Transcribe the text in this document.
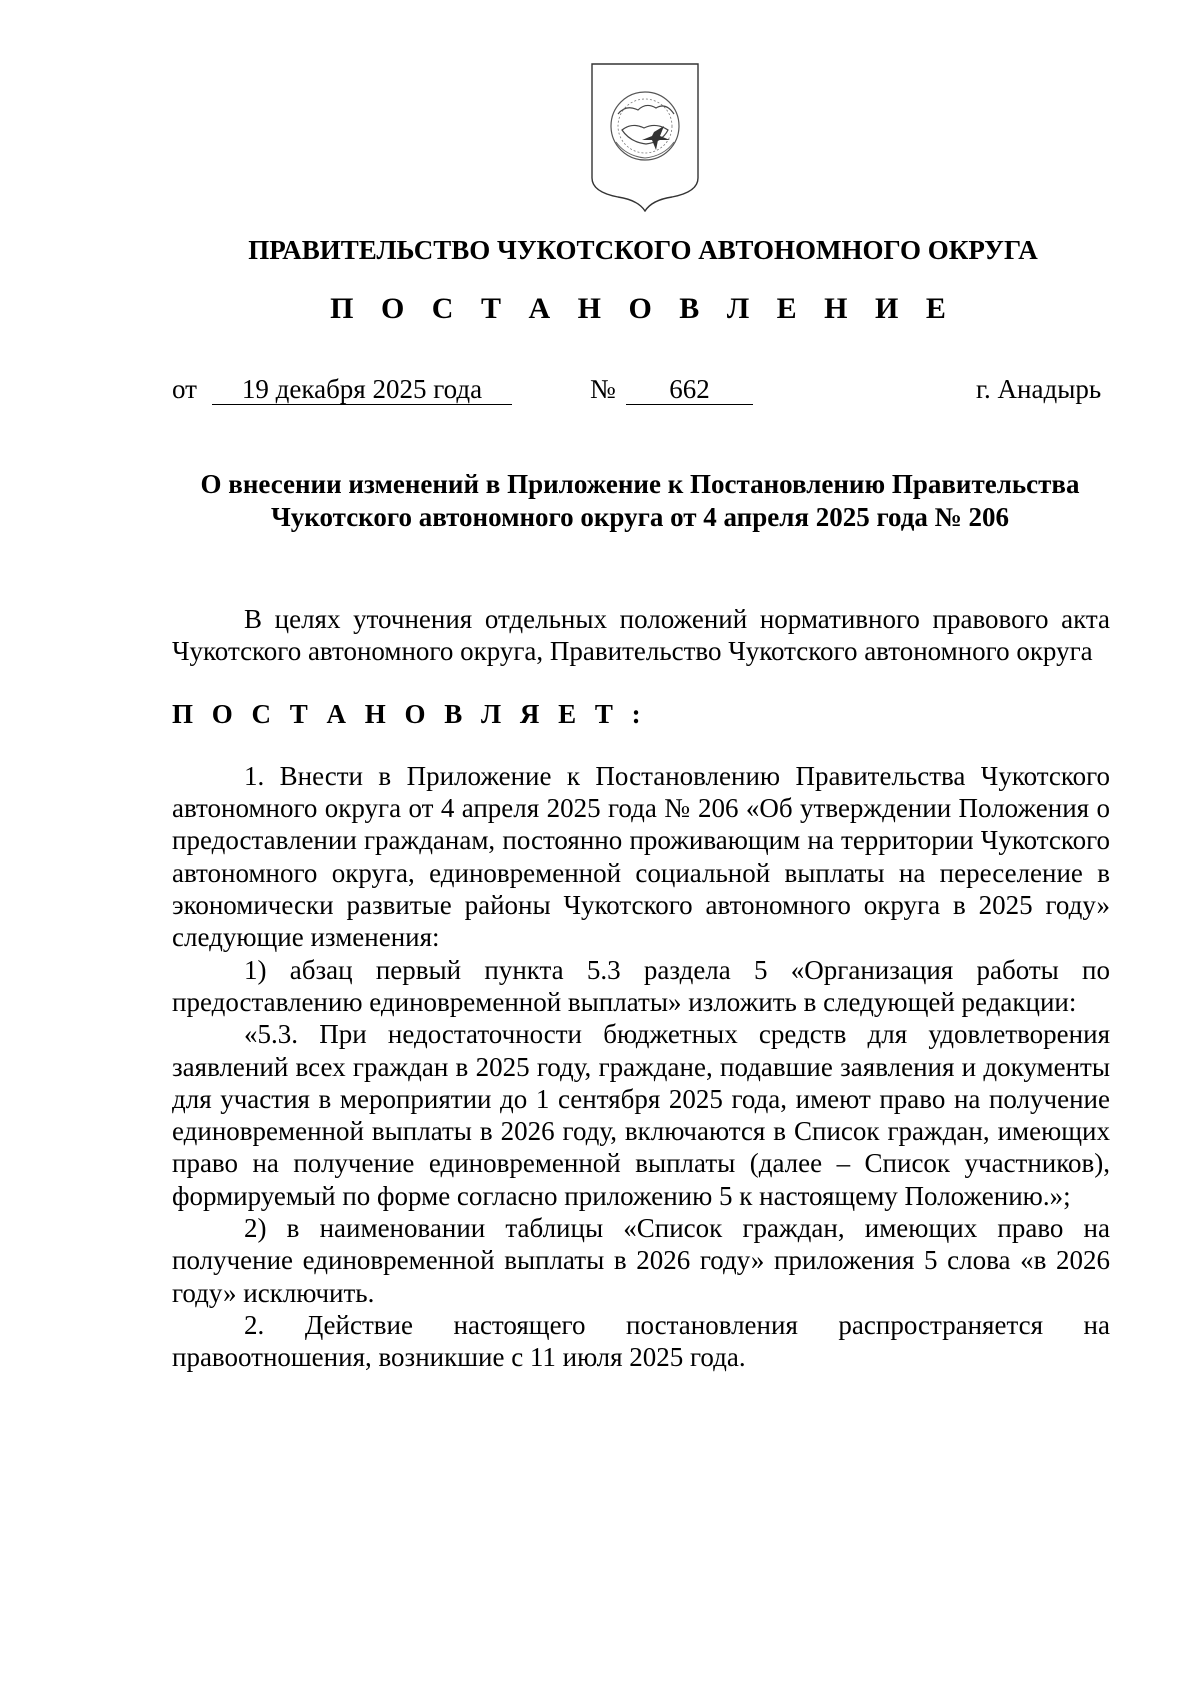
ПРАВИТЕЛЬСТВО ЧУКОТСКОГО АВТОНОМНОГО ОКРУГА
П О С Т А Н О В Л Е Н И Е
от	19 декабря 2025 года	№	662	г. Анадырь
О внесении изменений в Приложение к Постановлению Правительства
Чукотского автономного округа от 4 апреля 2025 года № 206

В целях уточнения отдельных положений нормативного правового акта Чукотского автономного округа, Правительство Чукотского автономного округа

П О С Т А Н О В Л Я Е Т :

1. Внести в Приложение к Постановлению Правительства Чукотского автономного округа от 4 апреля 2025 года № 206 «Об утверждении Положения о предоставлении гражданам, постоянно проживающим на территории Чукотского автономного округа, единовременной социальной выплаты на переселение в экономически развитые районы Чукотского автономного округа в 2025 году» следующие изменения:

1) абзац первый пункта 5.3 раздела 5 «Организация работы по предоставлению единовременной выплаты» изложить в следующей редакции:

«5.3. При недостаточности бюджетных средств для удовлетворения заявлений всех граждан в 2025 году, граждане, подавшие заявления и документы для участия в мероприятии до 1 сентября 2025 года, имеют право на получение единовременной выплаты в 2026 году, включаются в Список граждан, имеющих право на получение единовременной выплаты (далее – Список участников), формируемый по форме согласно приложению 5 к настоящему Положению.»;

2) в наименовании таблицы «Список граждан, имеющих право на получение единовременной выплаты в 2026 году» приложения 5 слова «в 2026 году» исключить.

2. Действие настоящего постановления распространяется на правоотношения, возникшие с 11 июля 2025 года.
